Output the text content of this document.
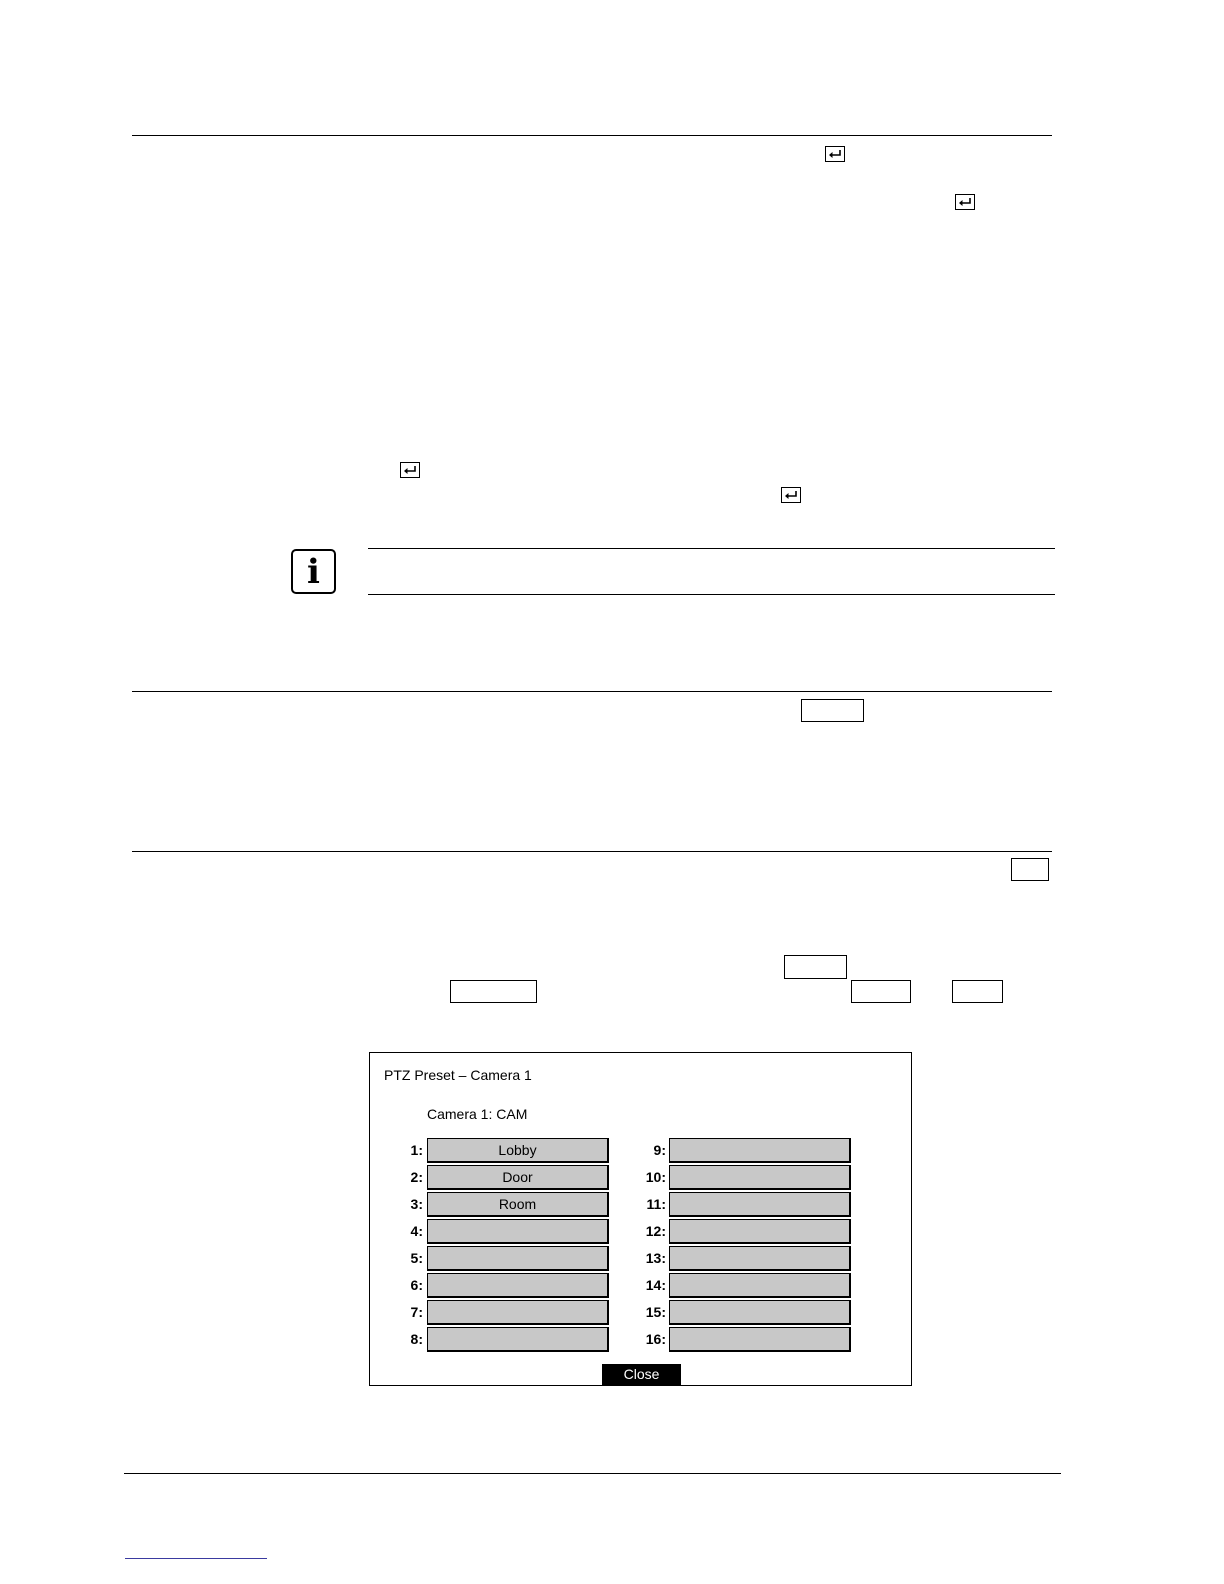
i
PTZ Preset – Camera 1
Camera 1: CAM
1:	Lobby
2:	Door
3:	Room
4:
5:
6:
7:
8:
9:
10:
11:
12:
13:
14:
15:
16:
Close
